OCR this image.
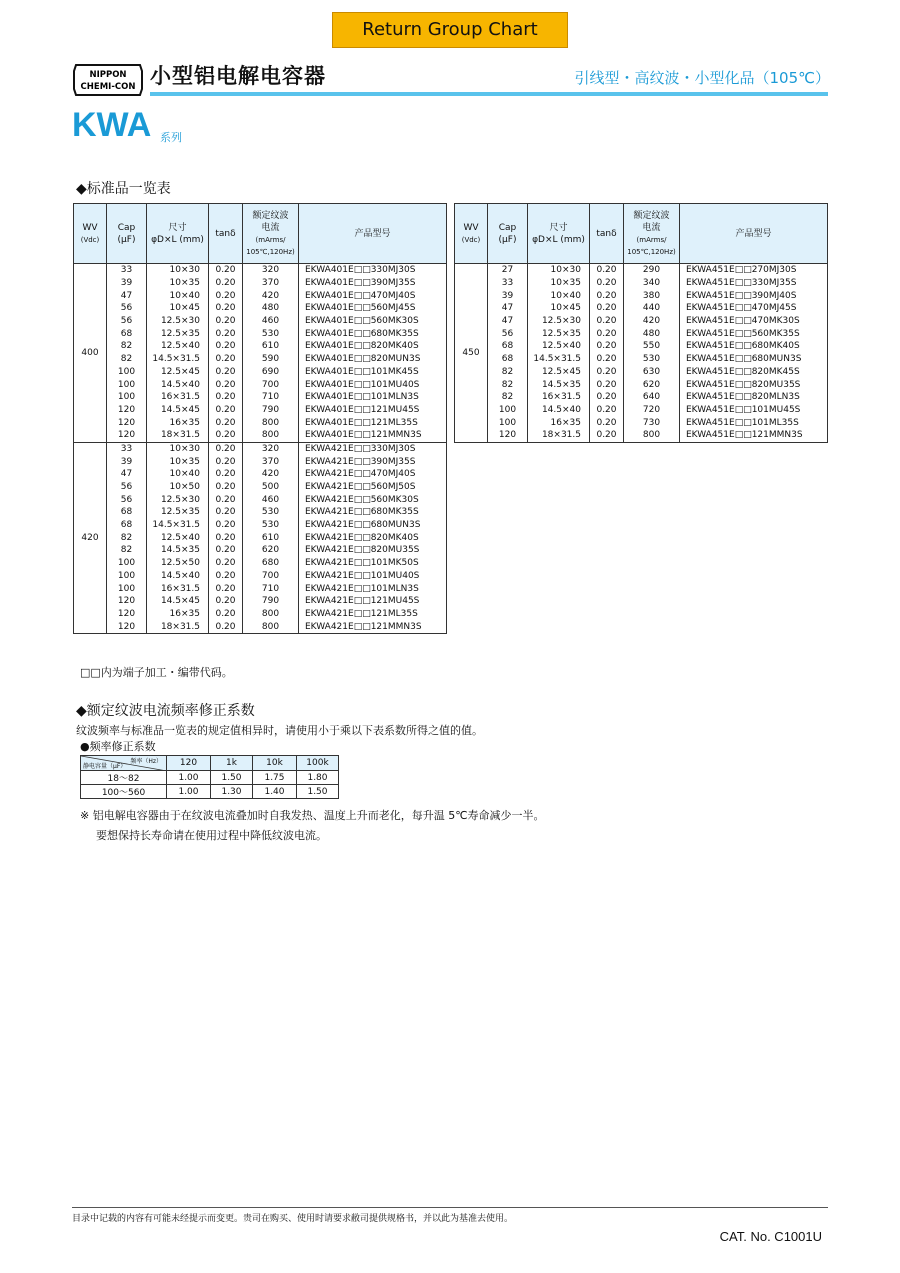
Return Group Chart
NIPPON
CHEMI-CON 小型铝电解电容器	引线型・高纹波・小型化品（105℃）
KWA 系列
◆标准品一览表
WV
(Vdc)	Cap
(μF)	尺寸
φD×L (mm)	tanδ	额定纹波
电流
(mArms/
105℃,120Hz)	产品型号
400	33	10×30	0.20	320	EKWA401E□□330MJ30S
	39	10×35	0.20	370	EKWA401E□□390MJ35S
	47	10×40	0.20	420	EKWA401E□□470MJ40S
	56	10×45	0.20	480	EKWA401E□□560MJ45S
	56	12.5×30	0.20	460	EKWA401E□□560MK30S
	68	12.5×35	0.20	530	EKWA401E□□680MK35S
	82	12.5×40	0.20	610	EKWA401E□□820MK40S
	82	14.5×31.5	0.20	590	EKWA401E□□820MUN3S
	100	12.5×45	0.20	690	EKWA401E□□101MK45S
	100	14.5×40	0.20	700	EKWA401E□□101MU40S
	100	16×31.5	0.20	710	EKWA401E□□101MLN3S
	120	14.5×45	0.20	790	EKWA401E□□121MU45S
	120	16×35	0.20	800	EKWA401E□□121ML35S
	120	18×31.5	0.20	800	EKWA401E□□121MMN3S
420	33	10×30	0.20	320	EKWA421E□□330MJ30S
	39	10×35	0.20	370	EKWA421E□□390MJ35S
	47	10×40	0.20	420	EKWA421E□□470MJ40S
	56	10×50	0.20	500	EKWA421E□□560MJ50S
	56	12.5×30	0.20	460	EKWA421E□□560MK30S
	68	12.5×35	0.20	530	EKWA421E□□680MK35S
	68	14.5×31.5	0.20	530	EKWA421E□□680MUN3S
	82	12.5×40	0.20	610	EKWA421E□□820MK40S
	82	14.5×35	0.20	620	EKWA421E□□820MU35S
	100	12.5×50	0.20	680	EKWA421E□□101MK50S
	100	14.5×40	0.20	700	EKWA421E□□101MU40S
	100	16×31.5	0.20	710	EKWA421E□□101MLN3S
	120	14.5×45	0.20	790	EKWA421E□□121MU45S
	120	16×35	0.20	800	EKWA421E□□121ML35S
	120	18×31.5	0.20	800	EKWA421E□□121MMN3S
WV
(Vdc)	Cap
(μF)	尺寸
φD×L (mm)	tanδ	额定纹波
电流
(mArms/
105℃,120Hz)	产品型号
450	27	10×30	0.20	290	EKWA451E□□270MJ30S
	33	10×35	0.20	340	EKWA451E□□330MJ35S
	39	10×40	0.20	380	EKWA451E□□390MJ40S
	47	10×45	0.20	440	EKWA451E□□470MJ45S
	47	12.5×30	0.20	420	EKWA451E□□470MK30S
	56	12.5×35	0.20	480	EKWA451E□□560MK35S
	68	12.5×40	0.20	550	EKWA451E□□680MK40S
	68	14.5×31.5	0.20	530	EKWA451E□□680MUN3S
	82	12.5×45	0.20	630	EKWA451E□□820MK45S
	82	14.5×35	0.20	620	EKWA451E□□820MU35S
	82	16×31.5	0.20	640	EKWA451E□□820MLN3S
	100	14.5×40	0.20	720	EKWA451E□□101MU45S
	100	16×35	0.20	730	EKWA451E□□101ML35S
	120	18×31.5	0.20	800	EKWA451E□□121MMN3S
□□内为端子加工・编带代码。
◆额定纹波电流频率修正系数
纹波频率与标准品一览表的规定值相异时，请使用小于乘以下表系数所得之值的值。
●频率修正系数
频率（Hz）
静电容量（μF）	120	1k	10k	100k
18～82	1.00	1.50	1.75	1.80
100～560	1.00	1.30	1.40	1.50
※ 铝电解电容器由于在纹波电流叠加时自我发热、温度上升而老化，每升温 5℃寿命减少一半。
要想保持长寿命请在使用过程中降低纹波电流。
目录中记载的内容有可能未经提示而变更。贵司在购买、使用时请要求敝司提供规格书，并以此为基准去使用。
CAT. No. C1001U
